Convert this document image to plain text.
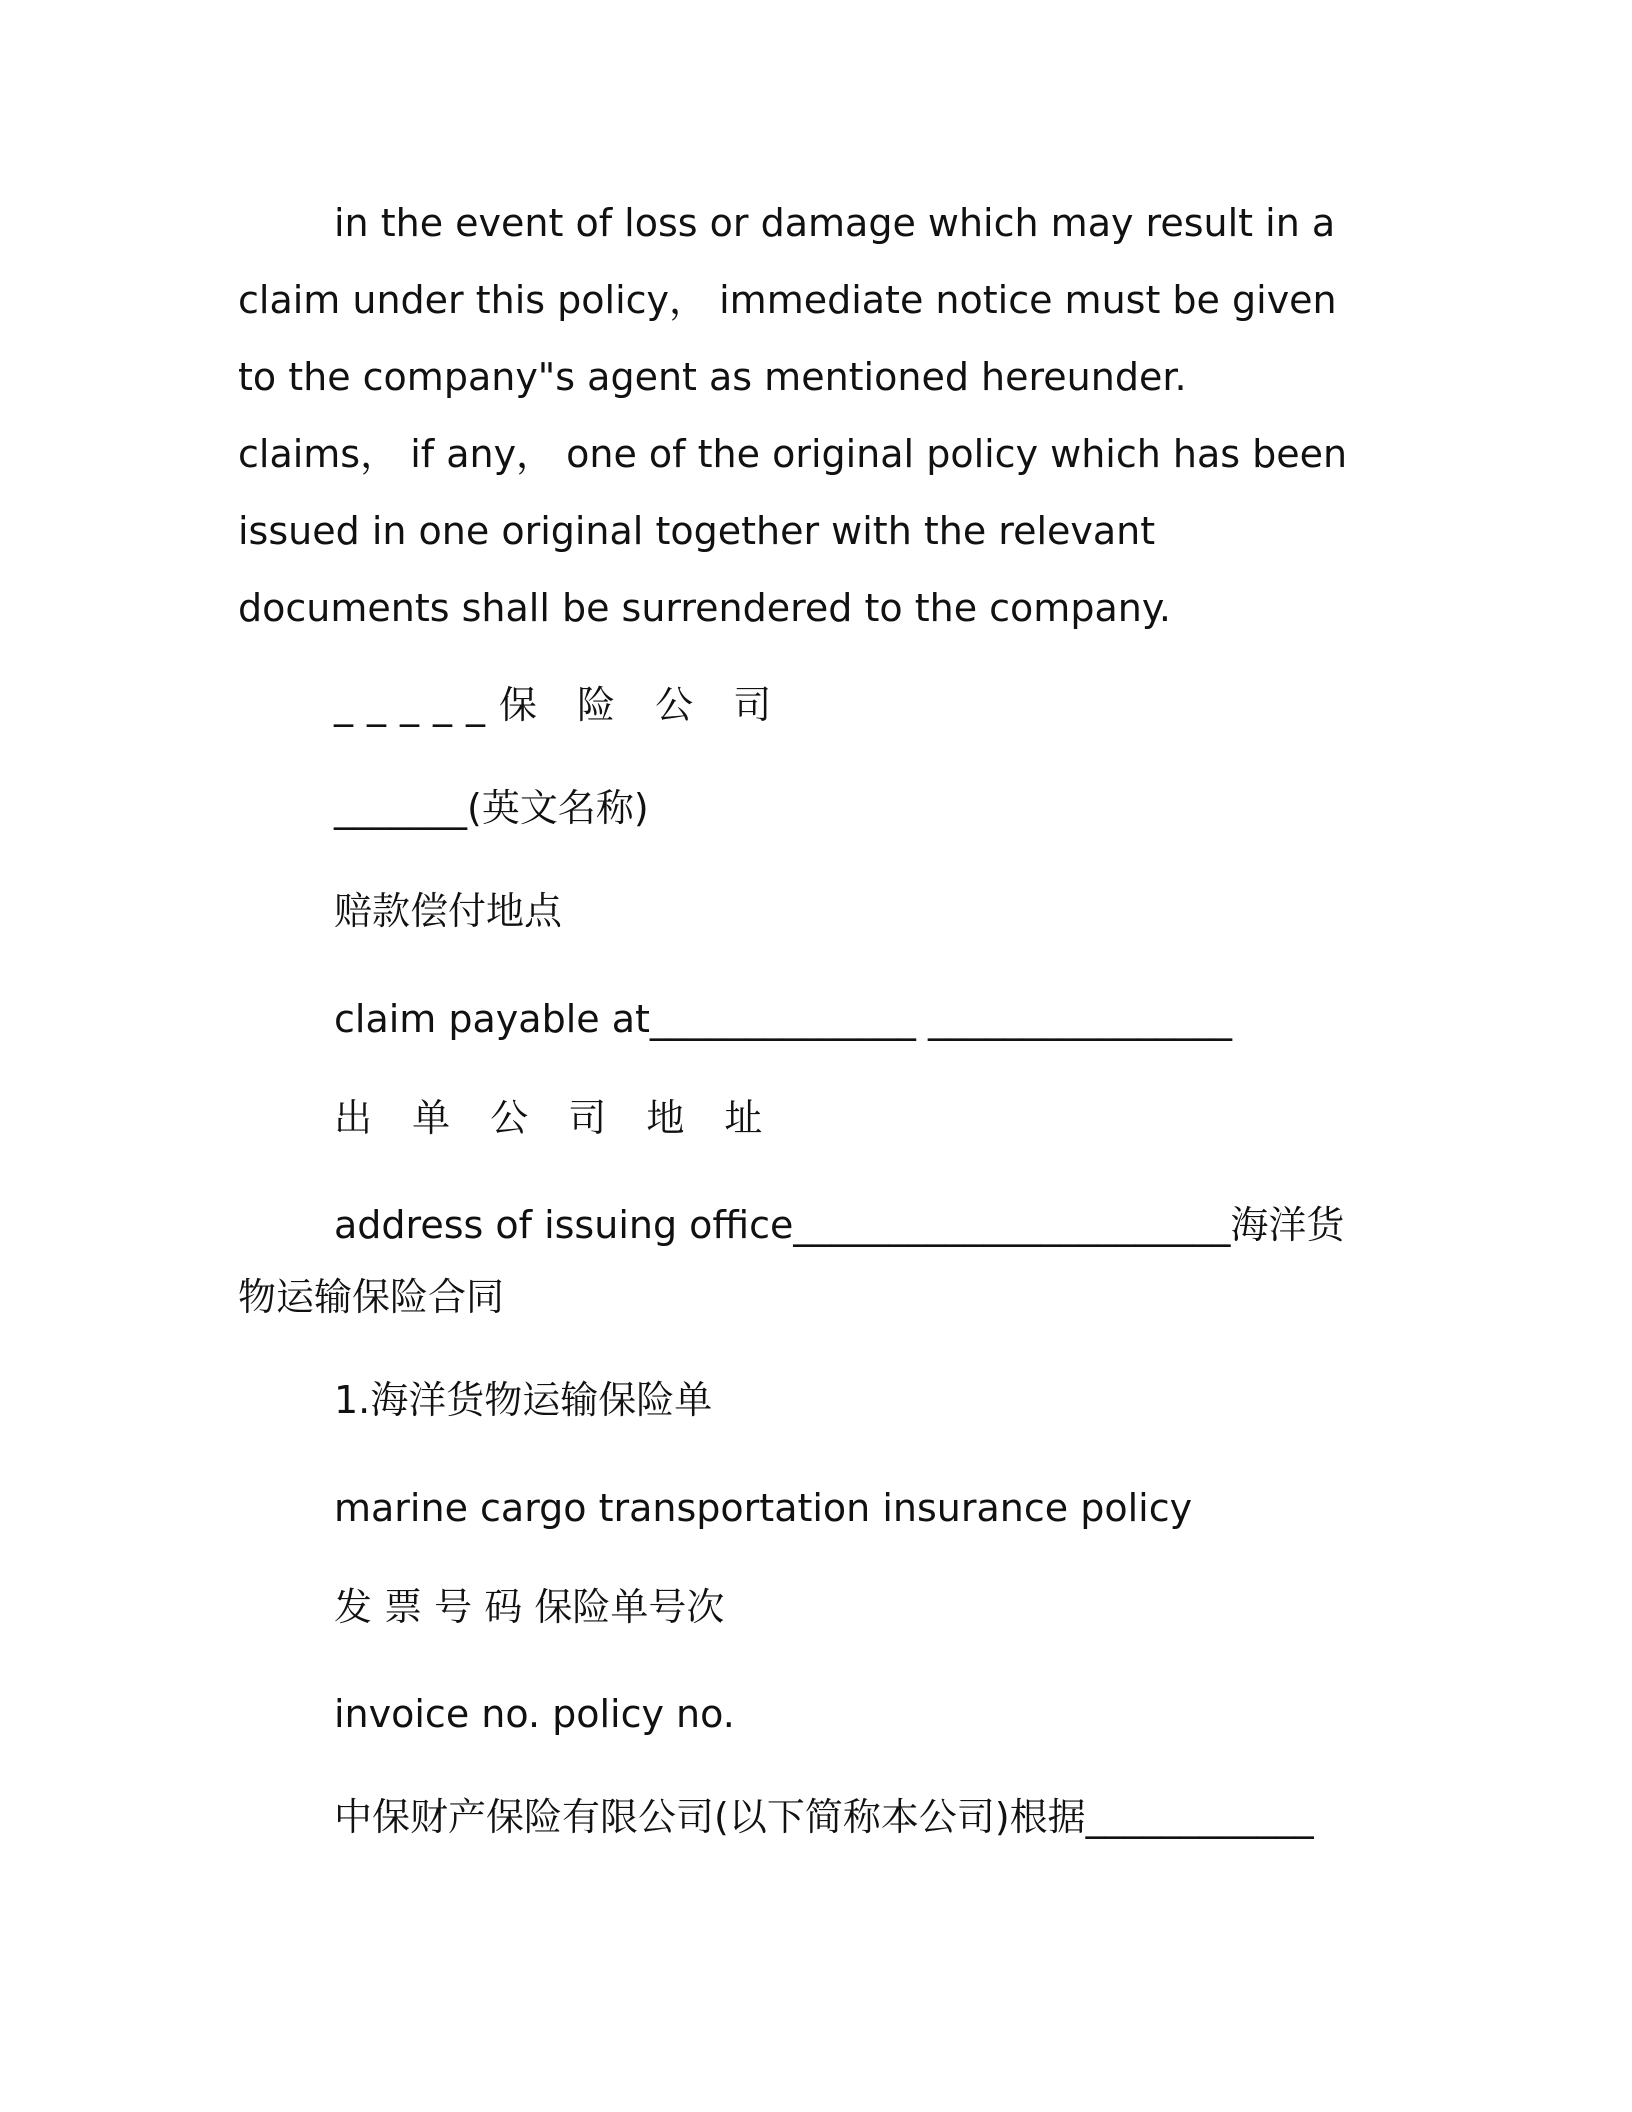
in the event of loss or damage which may result in a claim under this policy， immediate notice must be given to the company"s agent as mentioned hereunder. claims， if any， one of the original policy which has been issued in one original together with the relevant documents shall be surrendered to the company.
_____保 险 公 司
_______(英文名称)
赔款偿付地点
claim payable at______________ ________________
出 单 公 司 地 址
address of issuing office_______________________海洋货
物运输保险合同
1.海洋货物运输保险单
marine cargo transportation insurance policy
发 票 号 码 保险单号次
invoice no. policy no.
中保财产保险有限公司(以下简称本公司)根据____________
